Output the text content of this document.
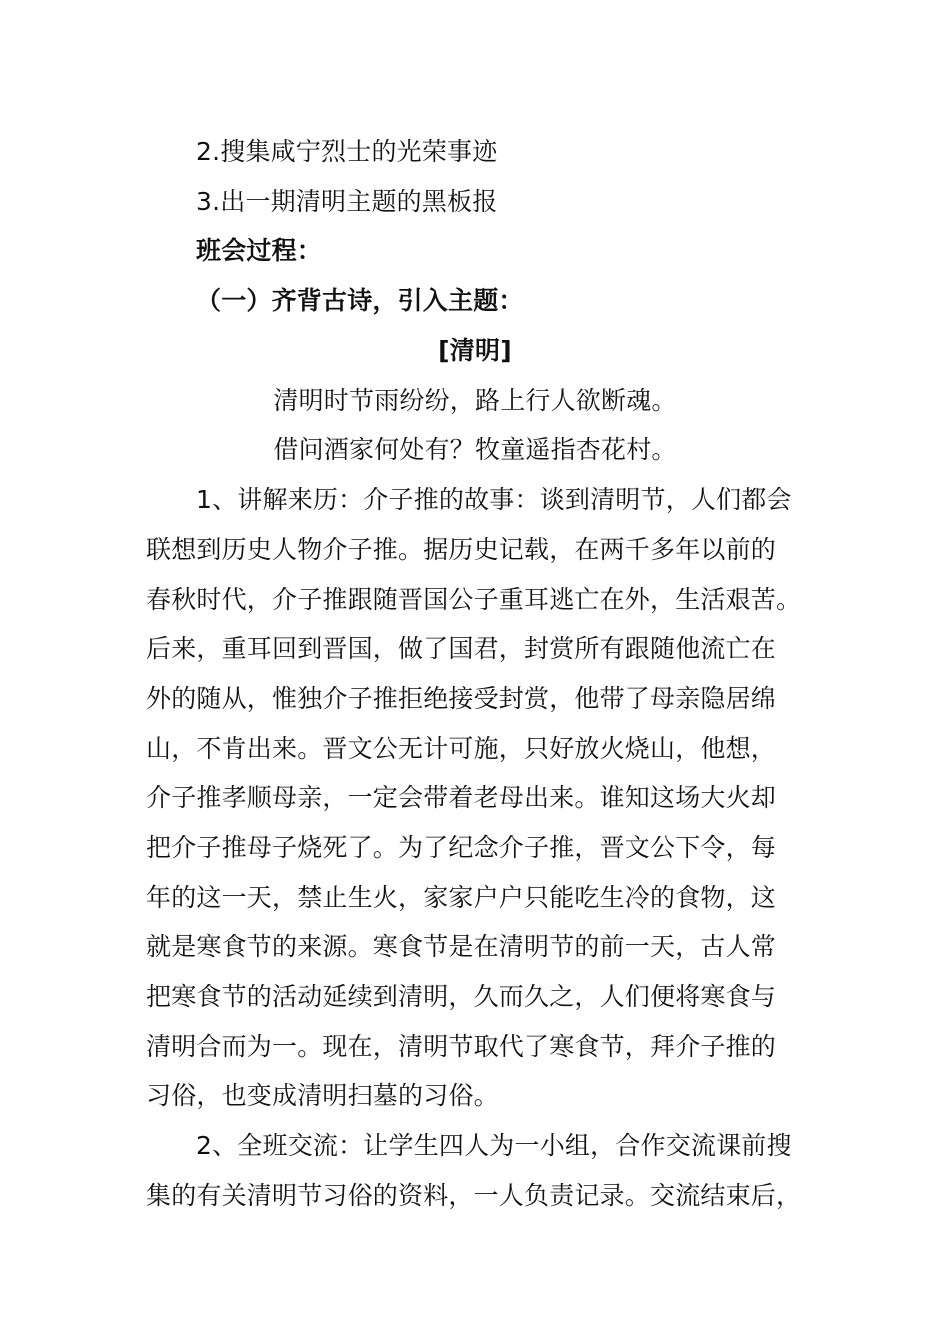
2.搜集咸宁烈士的光荣事迹
3.出一期清明主题的黑板报
班会过程：
（一）齐背古诗，引入主题：
[清明]
清明时节雨纷纷，路上行人欲断魂。
借问酒家何处有？牧童遥指杏花村。
1、讲解来历：介子推的故事：谈到清明节，人们都会
联想到历史人物介子推。据历史记载，在两千多年以前的
春秋时代，介子推跟随晋国公子重耳逃亡在外，生活艰苦。
后来，重耳回到晋国，做了国君，封赏所有跟随他流亡在
外的随从，惟独介子推拒绝接受封赏，他带了母亲隐居绵
山，不肯出来。晋文公无计可施，只好放火烧山，他想，
介子推孝顺母亲，一定会带着老母出来。谁知这场大火却
把介子推母子烧死了。为了纪念介子推，晋文公下令，每
年的这一天，禁止生火，家家户户只能吃生冷的食物，这
就是寒食节的来源。寒食节是在清明节的前一天，古人常
把寒食节的活动延续到清明，久而久之，人们便将寒食与
清明合而为一。现在，清明节取代了寒食节，拜介子推的
习俗，也变成清明扫墓的习俗。
2、全班交流：让学生四人为一小组，合作交流课前搜
集的有关清明节习俗的资料，一人负责记录。交流结束后，
